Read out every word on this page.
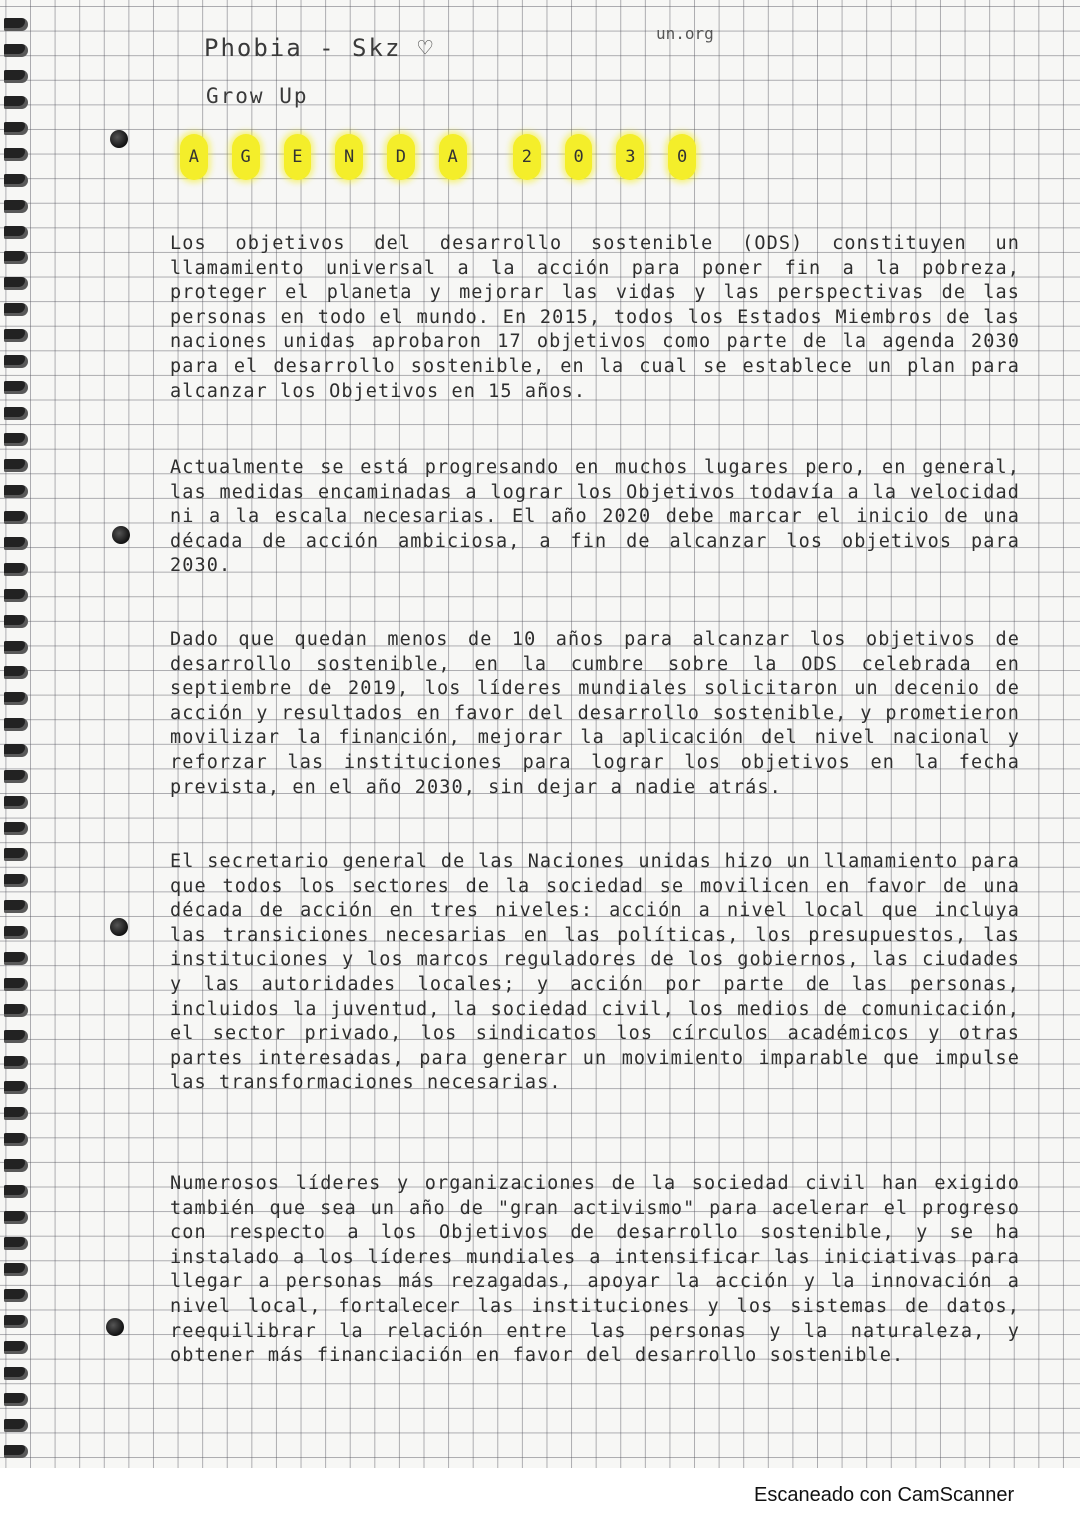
Phobia - Skz ♡
Grow Up
un.org
A	G	E	N	D	A	2	0	3	0

Los objetivos del desarrollo sostenible (ODS) constituyen un llamamiento universal a la acción para poner fin a la pobreza, proteger el planeta y mejorar las vidas y las perspectivas de las personas en todo el mundo. En 2015, todos los Estados Miembros de las naciones unidas aprobaron 17 objetivos como parte de la agenda 2030 para el desarrollo sostenible, en la cual se establece un plan para alcanzar los Objetivos en 15 años.

Actualmente se está progresando en muchos lugares pero, en general, las medidas encaminadas a lograr los Objetivos todavía a la velocidad ni a la escala necesarias. El año 2020 debe marcar el inicio de una década de acción ambiciosa, a fin de alcanzar los objetivos para 2030.

Dado que quedan menos de 10 años para alcanzar los objetivos de desarrollo sostenible, en la cumbre sobre la ODS celebrada en septiembre de 2019, los líderes mundiales solicitaron un decenio de acción y resultados en favor del desarrollo sostenible, y prometieron movilizar la financión, mejorar la aplicación del nivel nacional y reforzar las instituciones para lograr los objetivos en la fecha prevista, en el año 2030, sin dejar a nadie atrás.

El secretario general de las Naciones unidas hizo un llamamiento para que todos los sectores de la sociedad se movilicen en favor de una década de acción en tres niveles: acción a nivel local que incluya las transiciones necesarias en las políticas, los presupuestos, las instituciones y los marcos reguladores de los gobiernos, las ciudades y las autoridades locales; y acción por parte de las personas, incluidos la juventud, la sociedad civil, los medios de comunicación, el sector privado, los sindicatos los círculos académicos y otras partes interesadas, para generar un movimiento imparable que impulse las transformaciones necesarias.

Numerosos líderes y organizaciones de la sociedad civil han exigido también que sea un año de "gran activismo" para acelerar el progreso con respecto a los Objetivos de desarrollo sostenible, y se ha instalado a los líderes mundiales a intensificar las iniciativas para llegar a personas más rezagadas, apoyar la acción y la innovación a nivel local, fortalecer las instituciones y los sistemas de datos, reequilibrar la relación entre las personas y la naturaleza, y obtener más financiación en favor del desarrollo sostenible.

Escaneado con CamScanner
